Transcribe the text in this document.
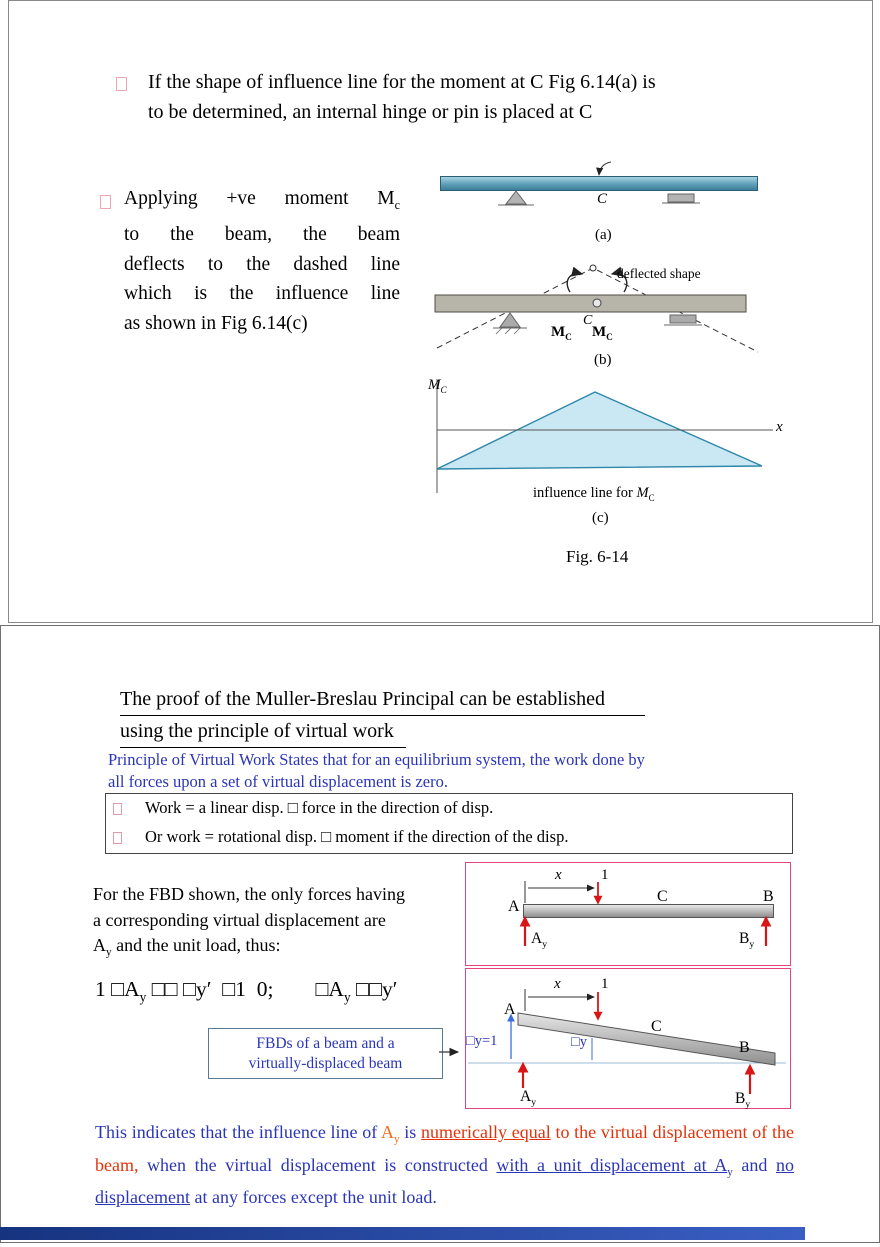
If the shape of influence line for the moment at C Fig 6.14(a) is
to be determined, an internal hinge or pin is placed at C
Applying +ve moment $M_c$
to the beam, the beam
deflects to the dashed line
which is the influence line
as shown in Fig 6.14(c)
C
(a)
deflected shape
C
$M_C$ $M_C$
(b)
$M_C$
x
influence line for $M_C$
(c)
Fig. 6-14
The proof of the Muller-Breslau Principal can be established
using the principle of virtual work
Principle of Virtual Work States that for an equilibrium system, the work done by
all forces upon a set of virtual displacement is zero.
Work = a linear disp. □ force in the direction of disp.
Or work = rotational disp. □ moment if the direction of the disp.
For the FBD shown, the only forces having
a corresponding virtual displacement are
$A_y$ and the unit load, thus:
1 $□A_y$ □□ □y′  □1  0; $□A_y$ □□y′
FBDs of a beam and a
virtually-displaced beam
A
C	B
x	1
$A_y$	$B_y$
A
C
B
x	1
□y=1	□y
$A_y$	$B_y$
This indicates that the influence line of $A_y$ is numerically equal to the virtual displacement of the beam, when the virtual displacement is constructed with a unit displacement at $A_y$ and no displacement at any forces except the unit load.
